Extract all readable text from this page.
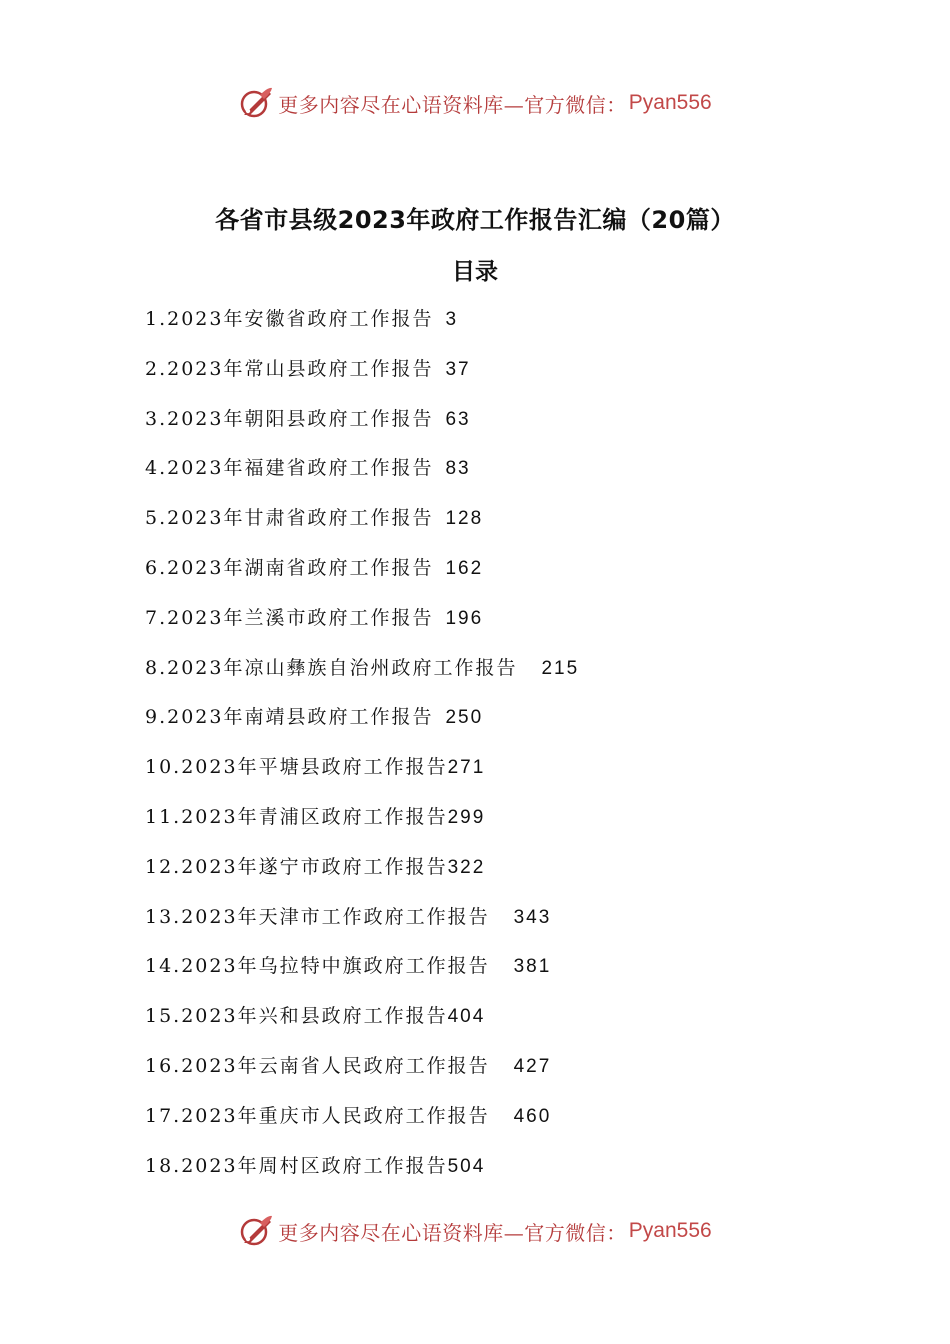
更多内容尽在心语资料库—官方微信： Pyan556
各省市县级2023年政府工作报告汇编（20篇）
目录
1.2023年安徽省政府工作报告 3
2.2023年常山县政府工作报告 37
3.2023年朝阳县政府工作报告 63
4.2023年福建省政府工作报告 83
5.2023年甘肃省政府工作报告 128
6.2023年湖南省政府工作报告 162
7.2023年兰溪市政府工作报告 196
8.2023年凉山彝族自治州政府工作报告 215
9.2023年南靖县政府工作报告 250
10.2023年平塘县政府工作报告271
11.2023年青浦区政府工作报告299
12.2023年遂宁市政府工作报告322
13.2023年天津市工作政府工作报告 343
14.2023年乌拉特中旗政府工作报告 381
15.2023年兴和县政府工作报告404
16.2023年云南省人民政府工作报告 427
17.2023年重庆市人民政府工作报告 460
18.2023年周村区政府工作报告504
更多内容尽在心语资料库—官方微信： Pyan556
